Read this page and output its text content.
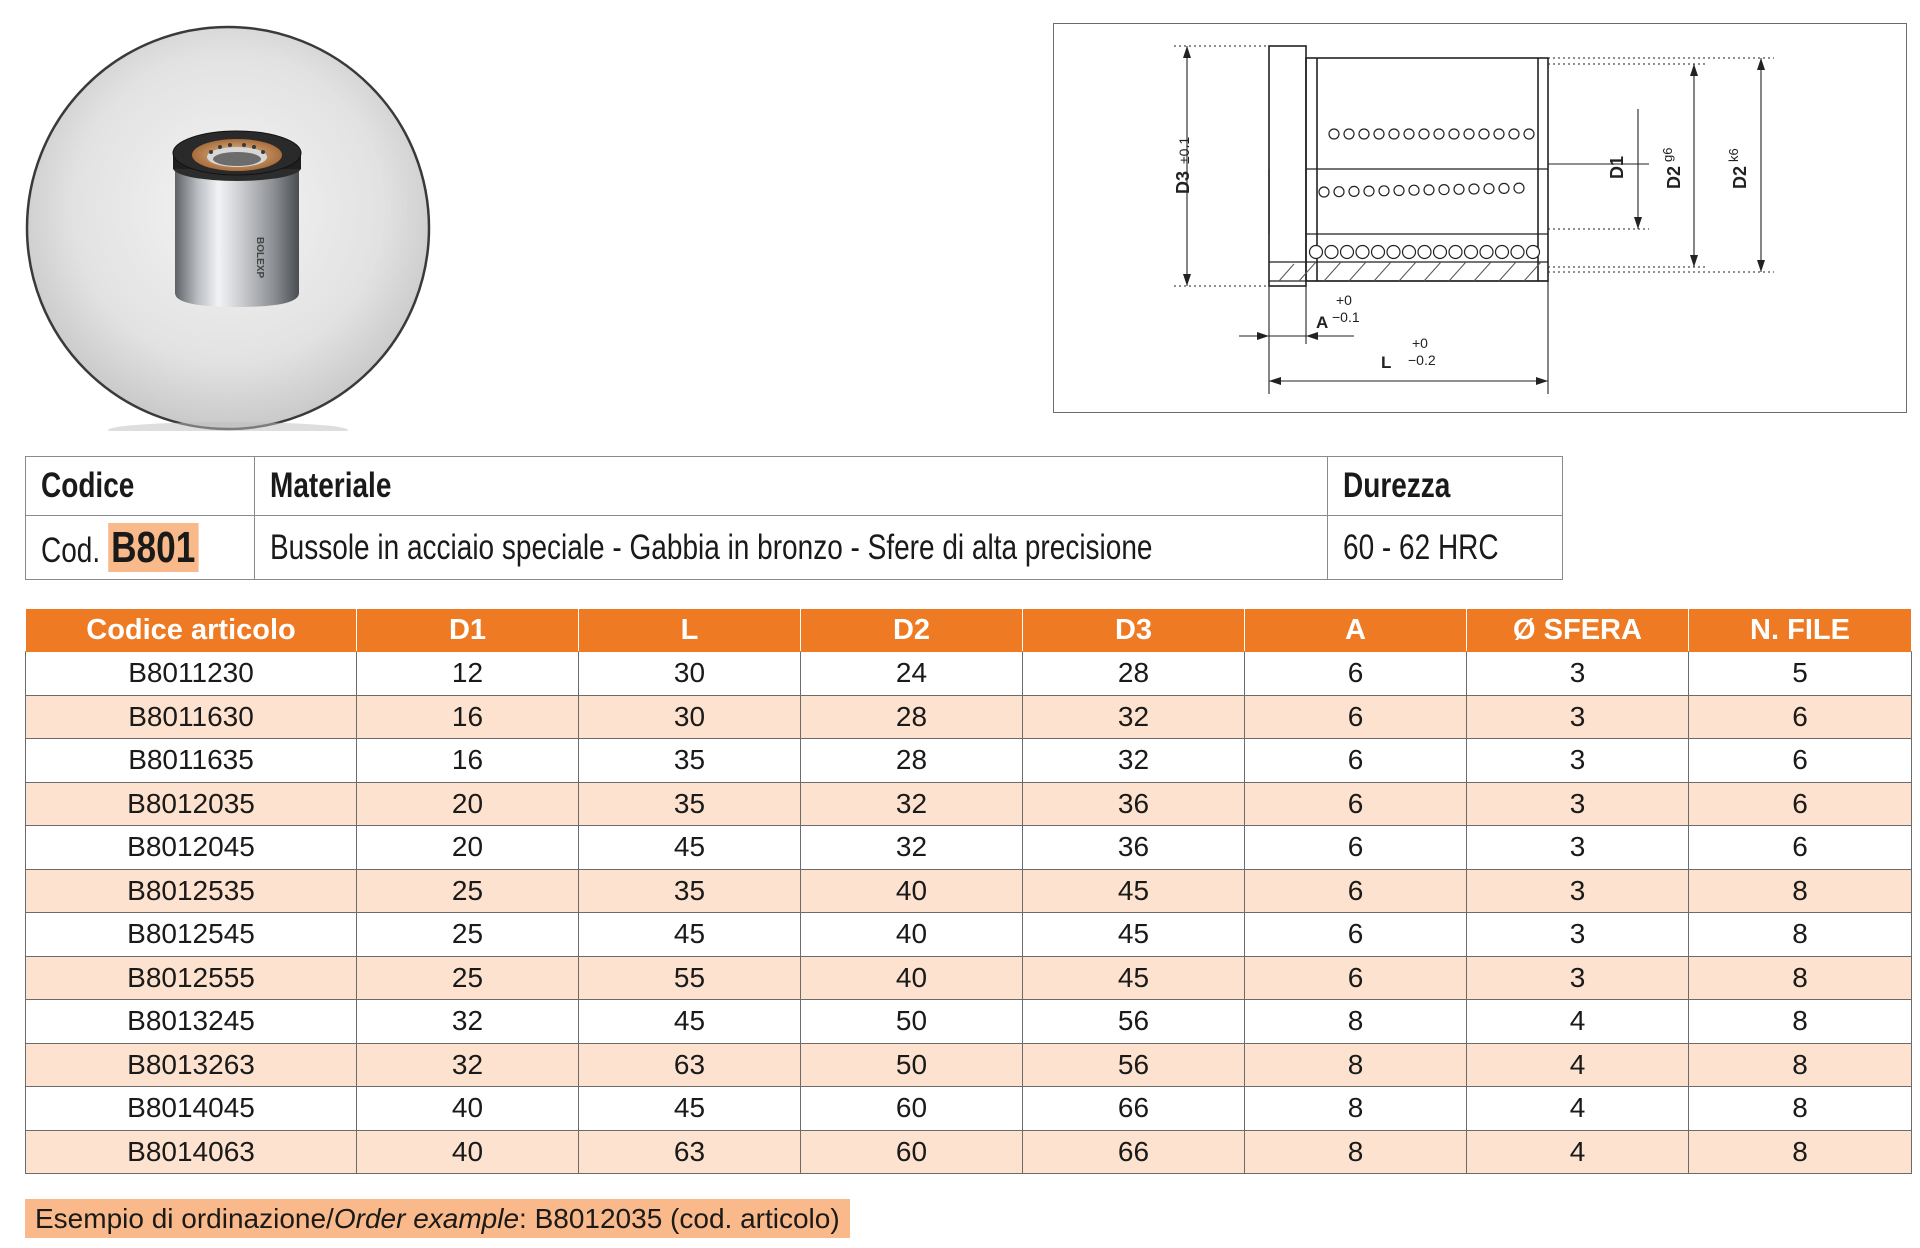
BOLEXP
D3
±0.1
D1 D2
g6
D2
k6
A
+0
−0.1
L
+0
−0.2
Codice	Materiale	Durezza
Cod. B801	Bussole in acciaio speciale - Gabbia in bronzo - Sfere di alta precisione	60 - 62 HRC
Codice articolo	D1	L	D2	D3	A	Ø SFERA	N. FILE
B8011230	12	30	24	28	6	3	5
B8011630	16	30	28	32	6	3	6
B8011635	16	35	28	32	6	3	6
B8012035	20	35	32	36	6	3	6
B8012045	20	45	32	36	6	3	6
B8012535	25	35	40	45	6	3	8
B8012545	25	45	40	45	6	3	8
B8012555	25	55	40	45	6	3	8
B8013245	32	45	50	56	8	4	8
B8013263	32	63	50	56	8	4	8
B8014045	40	45	60	66	8	4	8
B8014063	40	63	60	66	8	4	8
Esempio di ordinazione/Order example: B8012035 (cod. articolo)
